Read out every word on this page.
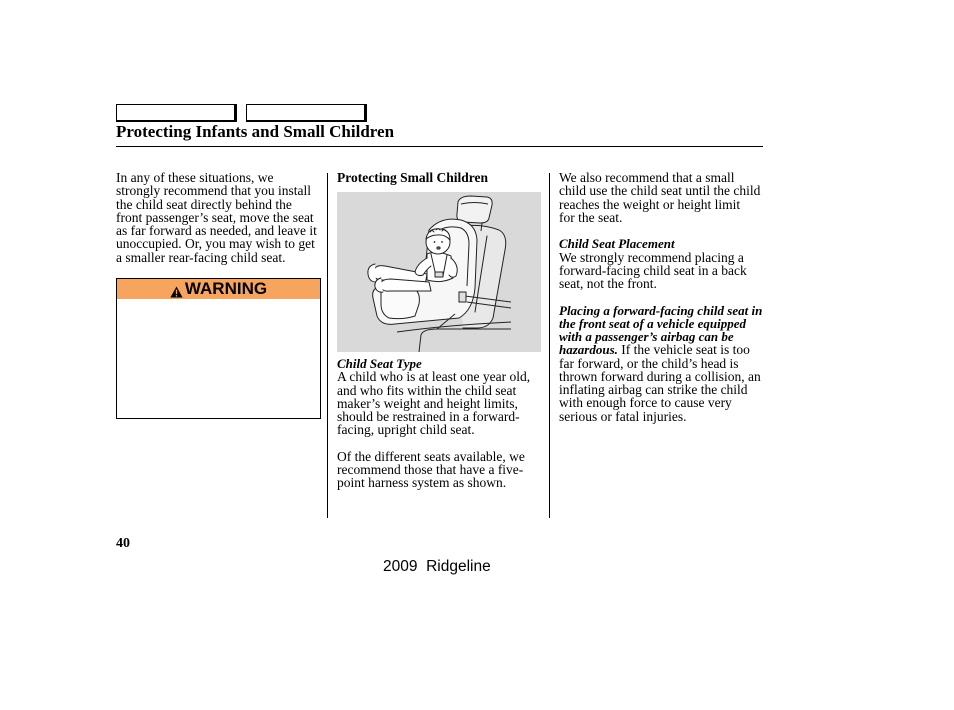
Protecting Infants and Small Children
In any of these situations, we
strongly recommend that you install
the child seat directly behind the
front passenger’s seat, move the seat
as far forward as needed, and leave it
unoccupied. Or, you may wish to get
a smaller rear-facing child seat.
WARNING
Protecting Small Children
Child Seat Type
A child who is at least one year old,
and who fits within the child seat
maker’s weight and height limits,
should be restrained in a forward-
facing, upright child seat.
Of the different seats available, we
recommend those that have a five-
point harness system as shown.
We also recommend that a small
child use the child seat until the child
reaches the weight or height limit
for the seat.
Child Seat Placement
We strongly recommend placing a
forward-facing child seat in a back
seat, not the front.
Placing a forward-facing child seat in
the front seat of a vehicle equipped
with a passenger’s airbag can be
hazardous. If the vehicle seat is too
far forward, or the child’s head is
thrown forward during a collision, an
inflating airbag can strike the child
with enough force to cause very
serious or fatal injuries.
40
2009  Ridgeline
